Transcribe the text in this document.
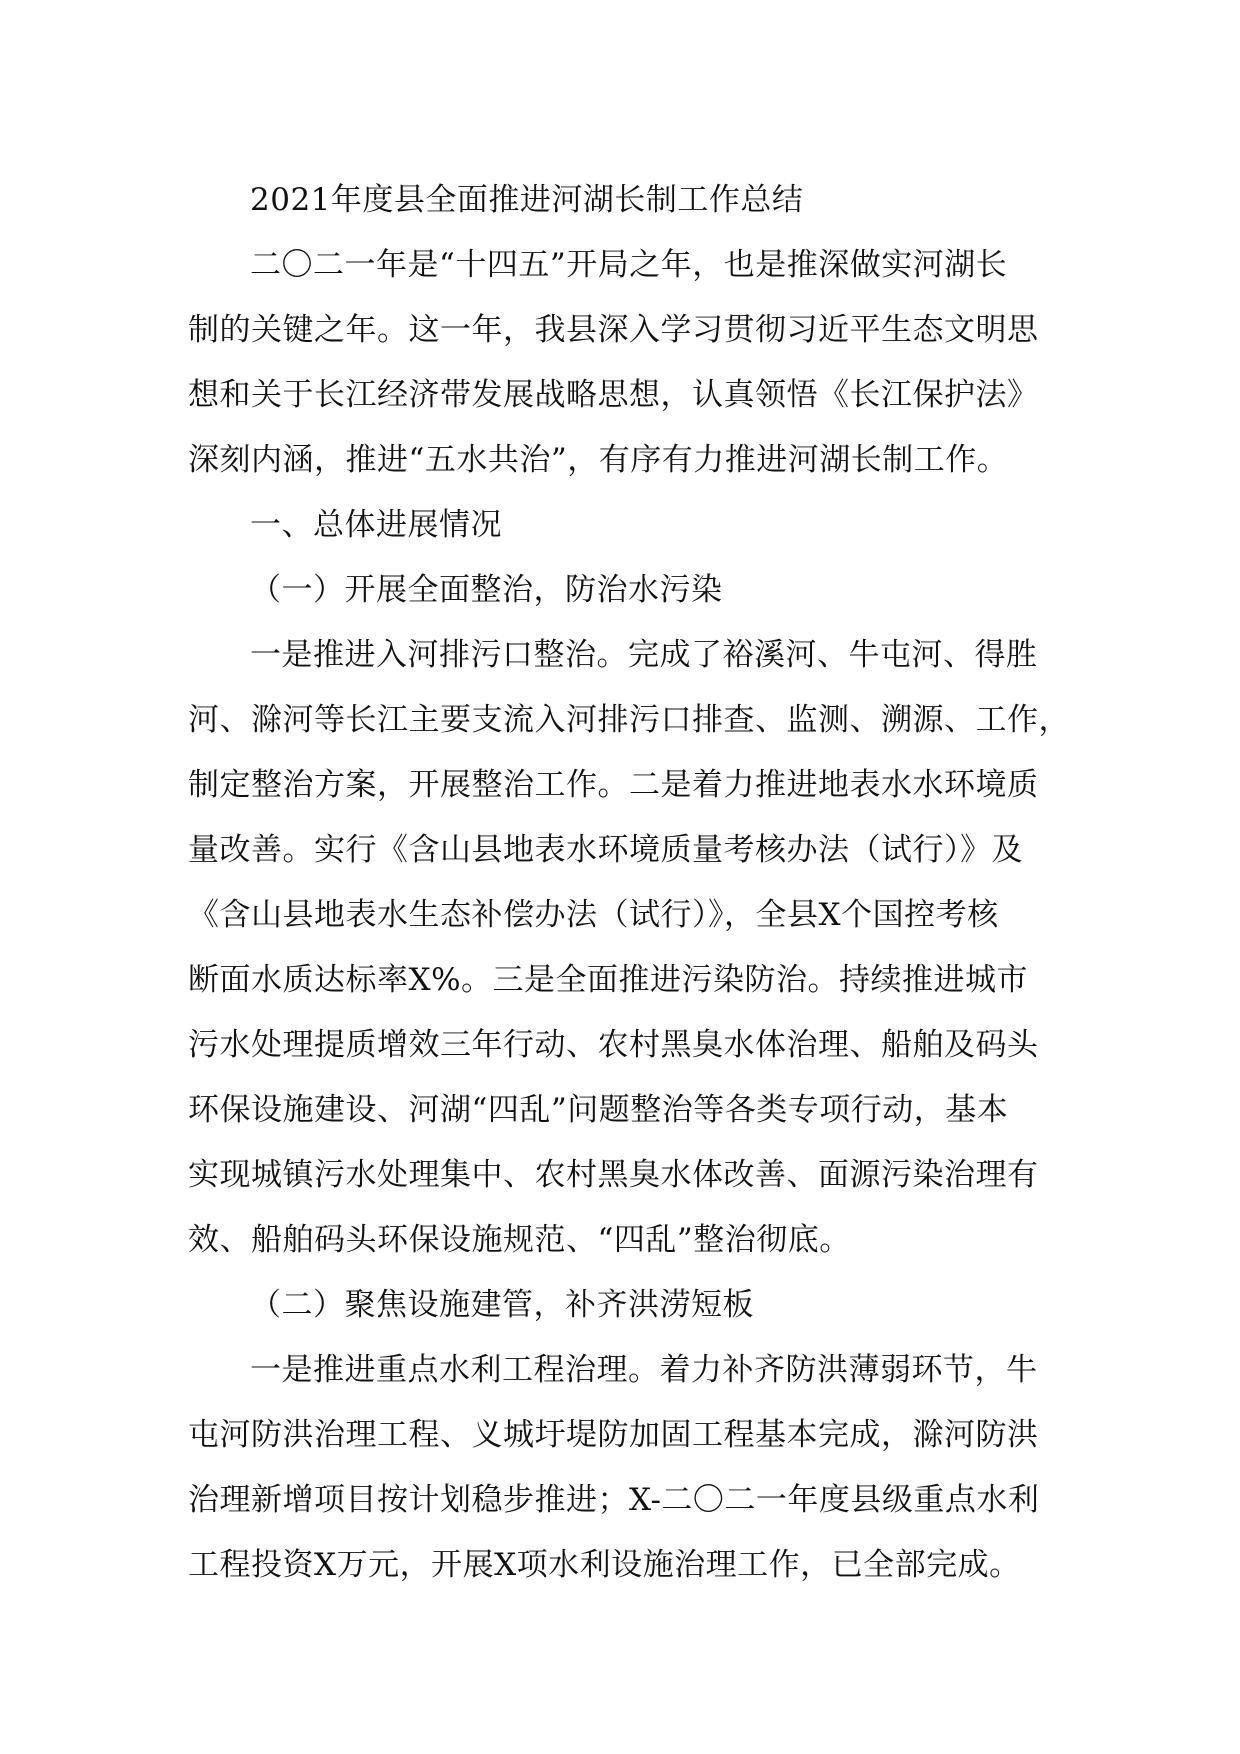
2021年度县全面推进河湖长制工作总结
二〇二一年是“十四五”开局之年，也是推深做实河湖长
制的关键之年。这一年，我县深入学习贯彻习近平生态文明思
想和关于长江经济带发展战略思想，认真领悟《长江保护法》
深刻内涵，推进“五水共治”，有序有力推进河湖长制工作。
一、总体进展情况
（一）开展全面整治，防治水污染
一是推进入河排污口整治。完成了裕溪河、牛屯河、得胜
河、滁河等长江主要支流入河排污口排查、监测、溯源、工作，
制定整治方案，开展整治工作。二是着力推进地表水水环境质
量改善。实行《含山县地表水环境质量考核办法（试行）》及
《含山县地表水生态补偿办法（试行）》，全县X个国控考核
断面水质达标率X%。三是全面推进污染防治。持续推进城市
污水处理提质增效三年行动、农村黑臭水体治理、船舶及码头
环保设施建设、河湖“四乱”问题整治等各类专项行动，基本
实现城镇污水处理集中、农村黑臭水体改善、面源污染治理有
效、船舶码头环保设施规范、“四乱”整治彻底。
（二）聚焦设施建管，补齐洪涝短板
一是推进重点水利工程治理。着力补齐防洪薄弱环节，牛
屯河防洪治理工程、义城圩堤防加固工程基本完成，滁河防洪
治理新增项目按计划稳步推进；X-二〇二一年度县级重点水利
工程投资X万元，开展X项水利设施治理工作，已全部完成。
